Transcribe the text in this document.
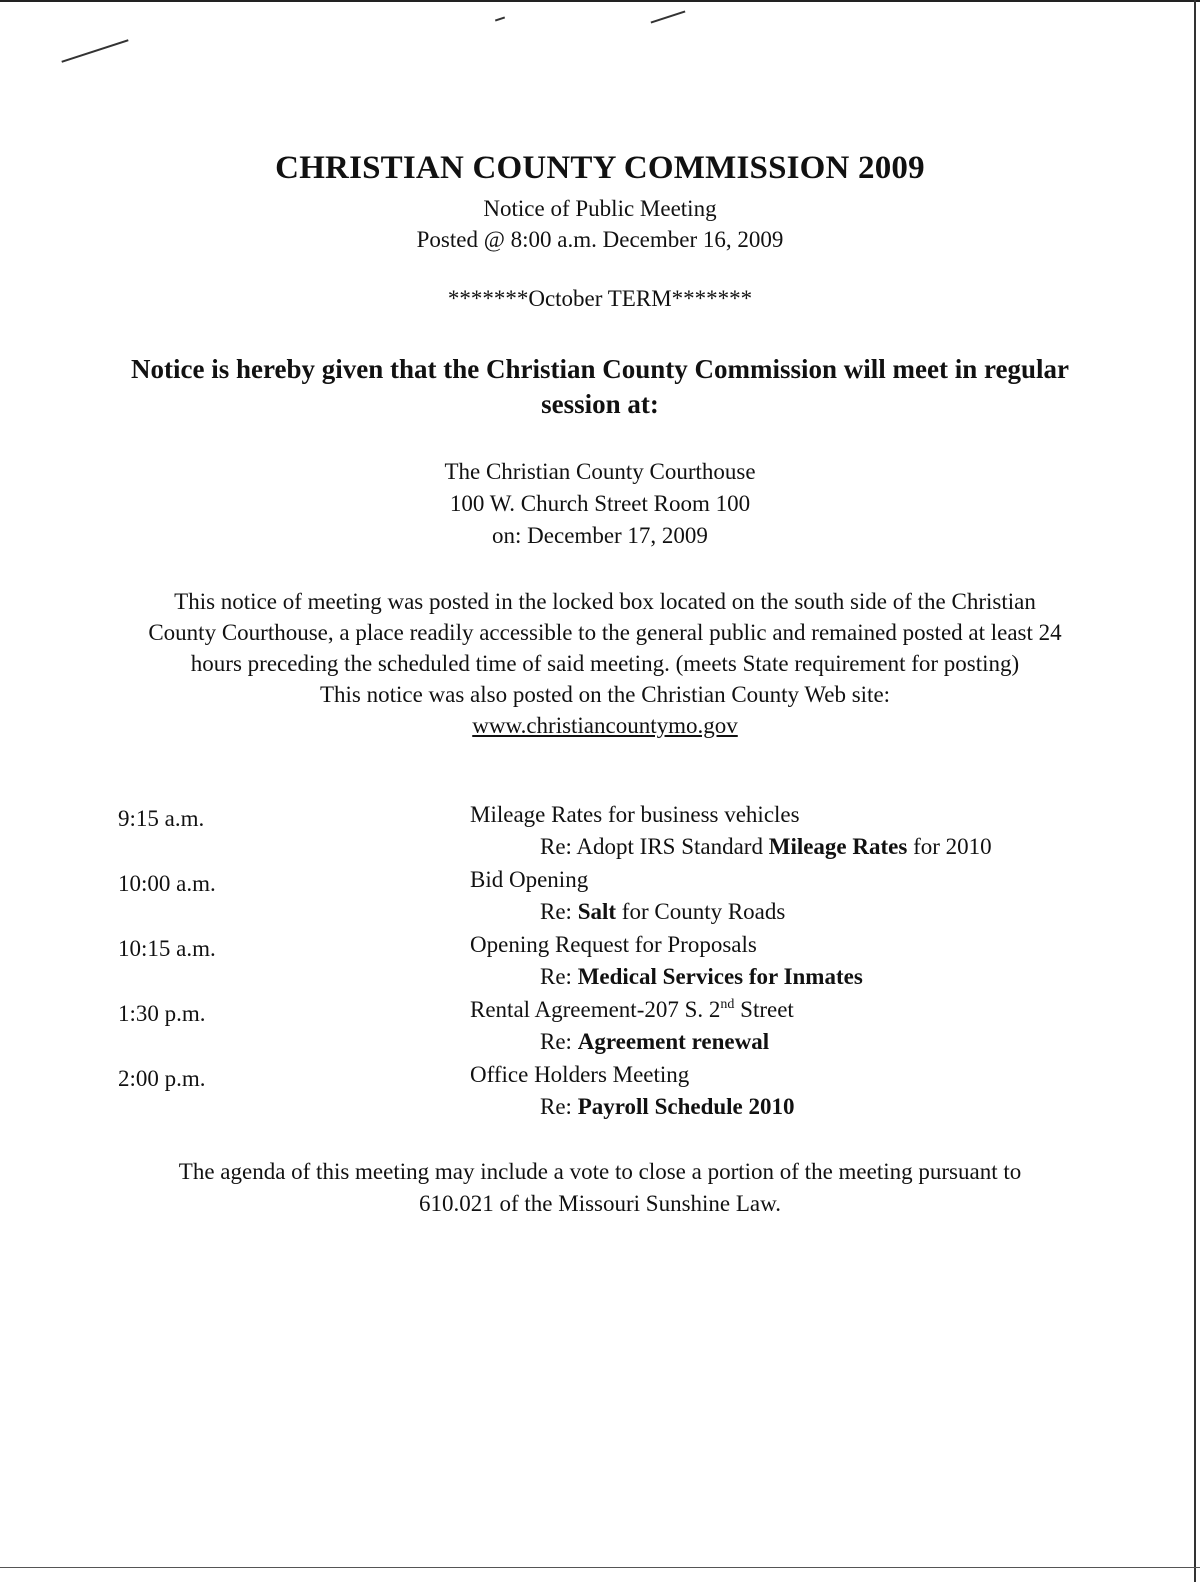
CHRISTIAN COUNTY COMMISSION 2009
Notice of Public Meeting
Posted @ 8:00 a.m. December 16, 2009
*******October TERM*******
Notice is hereby given that the Christian County Commission will meet in regular
session at:
The Christian County Courthouse
100 W. Church Street Room 100
on: December 17, 2009
This notice of meeting was posted in the locked box located on the south side of the Christian
County Courthouse, a place readily accessible to the general public and remained posted at least 24
hours preceding the scheduled time of said meeting. (meets State requirement for posting)
This notice was also posted on the Christian County Web site:
www.christiancountymo.gov
9:15 a.m.	Mileage Rates for business vehicles
Re: Adopt IRS Standard Mileage Rates for 2010
10:00 a.m.	Bid Opening
Re: Salt for County Roads
10:15 a.m.	Opening Request for Proposals
Re: Medical Services for Inmates
1:30 p.m.	Rental Agreement-207 S. 2nd Street
Re: Agreement renewal
2:00 p.m.	Office Holders Meeting
Re: Payroll Schedule 2010
The agenda of this meeting may include a vote to close a portion of the meeting pursuant to
610.021 of the Missouri Sunshine Law.
